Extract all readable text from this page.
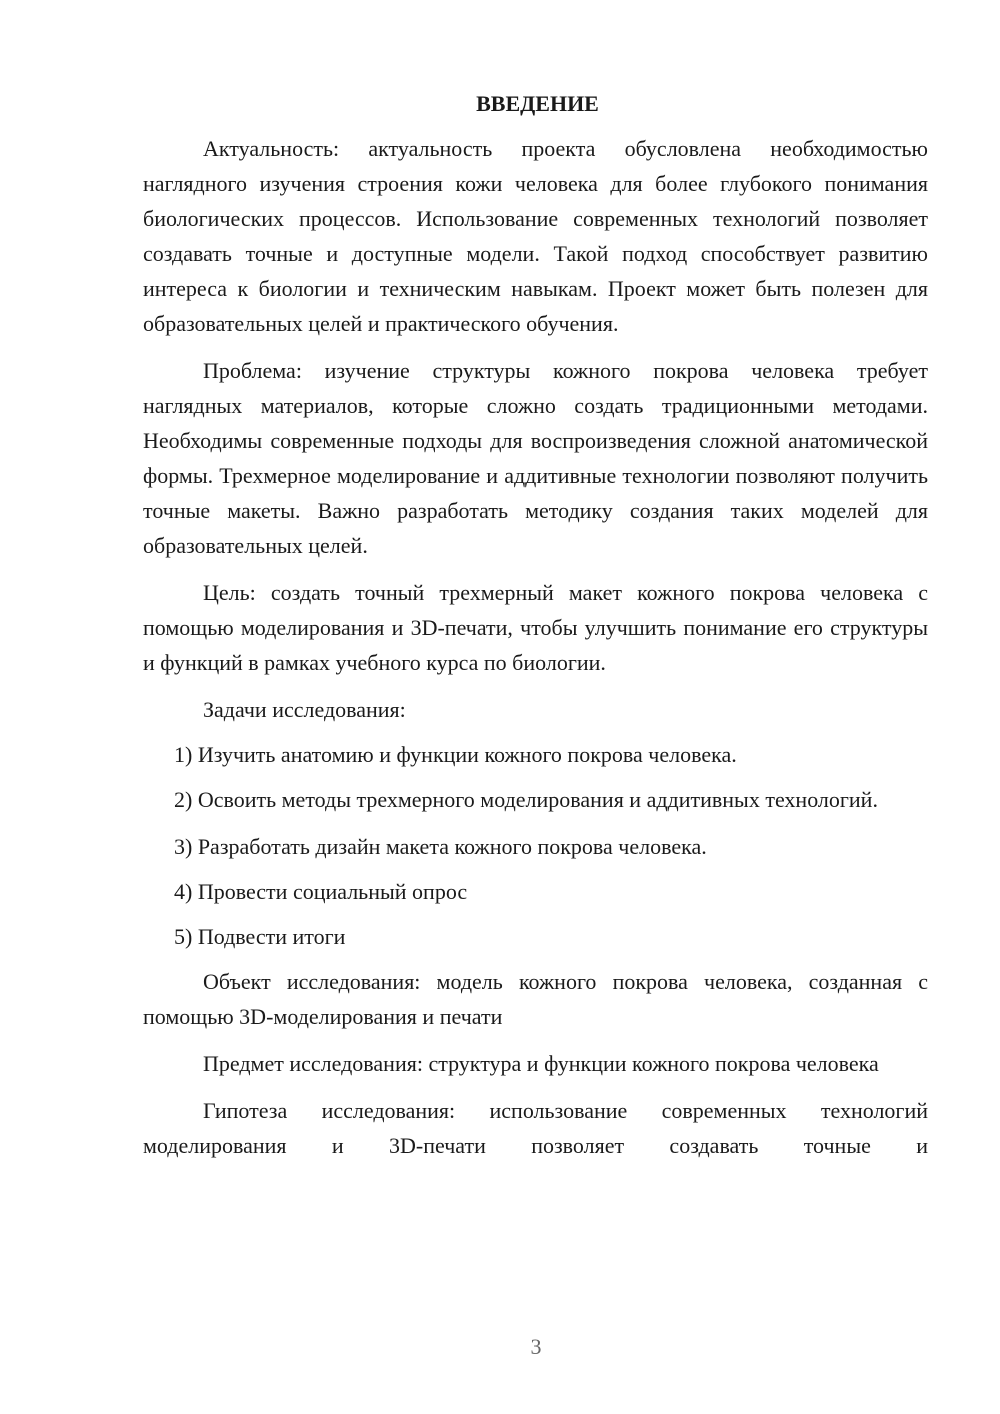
ВВЕДЕНИЕ

Актуальность: актуальность проекта обусловлена необходимостью наглядного изучения строения кожи человека для более глубокого понимания биологических процессов. Использование современных технологий позволяет создавать точные и доступные модели. Такой подход способствует развитию интереса к биологии и техническим навыкам. Проект может быть полезен для образовательных целей и практического обучения.

Проблема: изучение структуры кожного покрова человека требует наглядных материалов, которые сложно создать традиционными методами. Необходимы современные подходы для воспроизведения сложной анатомической формы. Трехмерное моделирование и аддитивные технологии позволяют получить точные макеты. Важно разработать методику создания таких моделей для образовательных целей.

Цель: создать точный трехмерный макет кожного покрова человека с помощью моделирования и 3D-печати, чтобы улучшить понимание его структуры и функций в рамках учебного курса по биологии.

Задачи исследования:

1) Изучить анатомию и функции кожного покрова человека.

2) Освоить методы трехмерного моделирования и аддитивных технологий.

3) Разработать дизайн макета кожного покрова человека.

4) Провести социальный опрос

5) Подвести итоги

Объект исследования: модель кожного покрова человека, созданная с помощью 3D-моделирования и печати

Предмет исследования: структура и функции кожного покрова человека

Гипотеза исследования: использование современных технологий моделирования и 3D-печати позволяет создавать точные и

3
